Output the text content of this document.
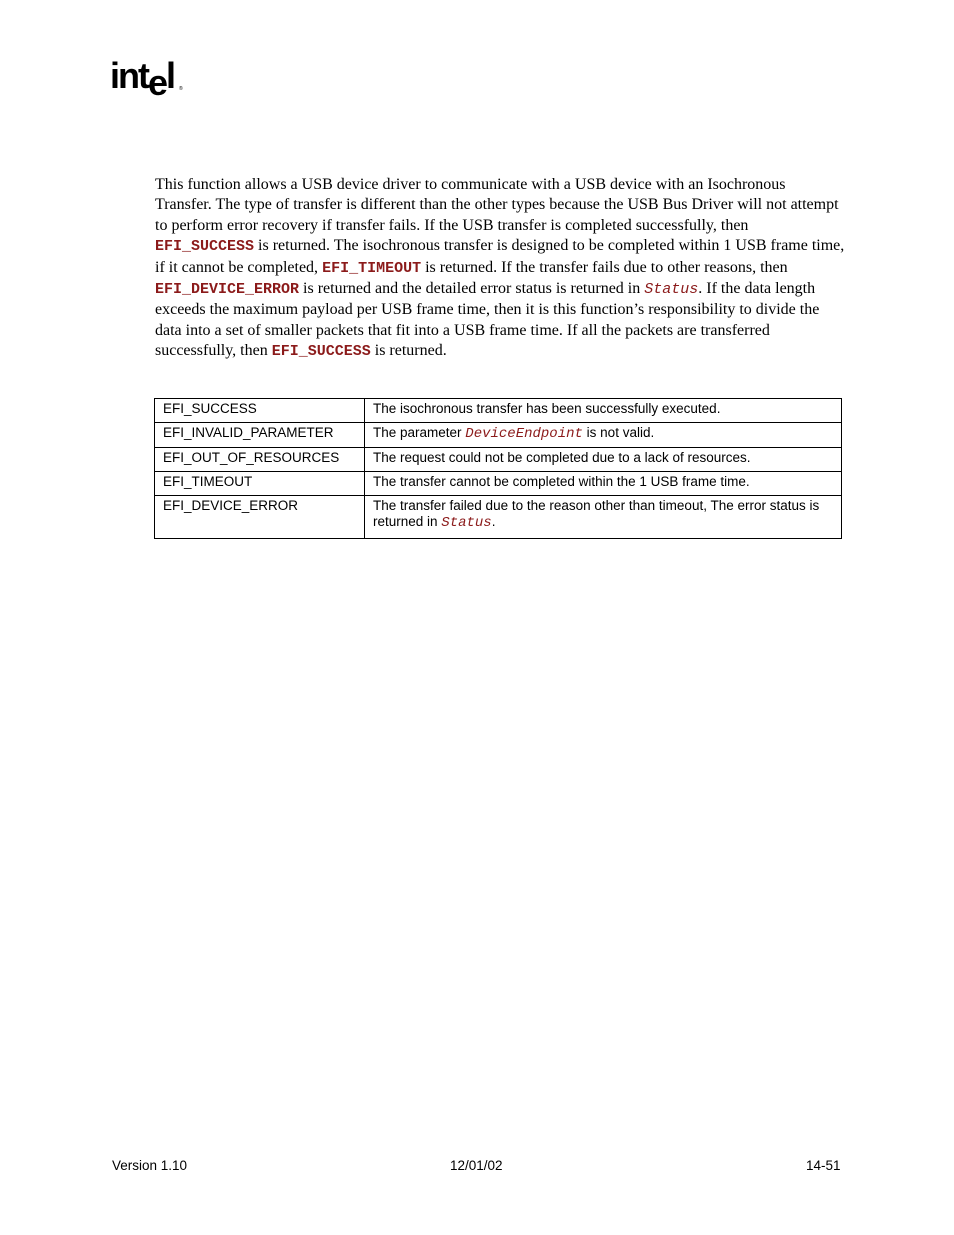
intel ®
This function allows a USB device driver to communicate with a USB device with an Isochronous Transfer. The type of transfer is different than the other types because the USB Bus Driver will not attempt to perform error recovery if transfer fails. If the USB transfer is completed successfully, then EFI_SUCCESS is returned. The isochronous transfer is designed to be completed within 1 USB frame time, if it cannot be completed, EFI_TIMEOUT is returned. If the transfer fails due to other reasons, then EFI_DEVICE_ERROR is returned and the detailed error status is returned in Status. If the data length exceeds the maximum payload per USB frame time, then it is this function’s responsibility to divide the data into a set of smaller packets that fit into a USB frame time. If all the packets are transferred successfully, then EFI_SUCCESS is returned.
EFI_SUCCESS	The isochronous transfer has been successfully executed.
EFI_INVALID_PARAMETER	The parameter DeviceEndpoint is not valid.
EFI_OUT_OF_RESOURCES	The request could not be completed due to a lack of resources.
EFI_TIMEOUT	The transfer cannot be completed within the 1 USB frame time.
EFI_DEVICE_ERROR	The transfer failed due to the reason other than timeout, The error status is returned in Status.
Version 1.10	12/01/02	14-51
